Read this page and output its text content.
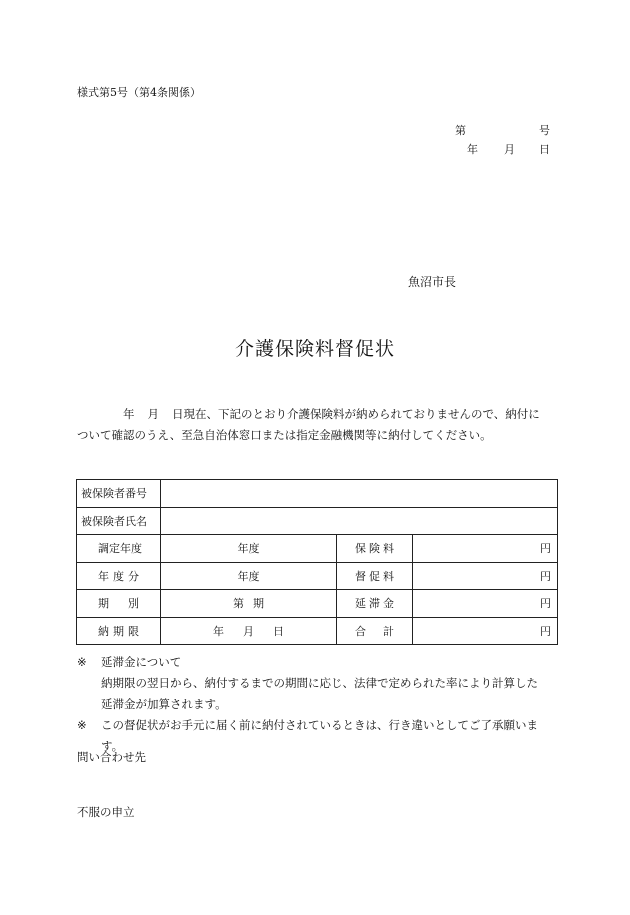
様式第5号（第4条関係）
第	号
年 月 日
魚沼市長
介護保険料督促状
年 月 日現在、下記のとおり介護保険料が納められておりませんので、納付に
ついて確認のうえ、至急自治体窓口または指定金融機関等に納付してください。
被保険者番号			
被保険者氏名			

調 定 年 度	年度	保 険 料	円

年 度 分	年度	督 促 料	円

期 別	第 期	延 滞 金	円

納 期 限	年 月 日	合 計	円
※ 延滞金について
納期限の翌日から、納付するまでの期間に応じ、法律で定められた率により計算した
延滞金が加算されます。
※ この督促状がお手元に届く前に納付されているときは、行き違いとしてご了承願いま
す。
問い合わせ先
不服の申立
